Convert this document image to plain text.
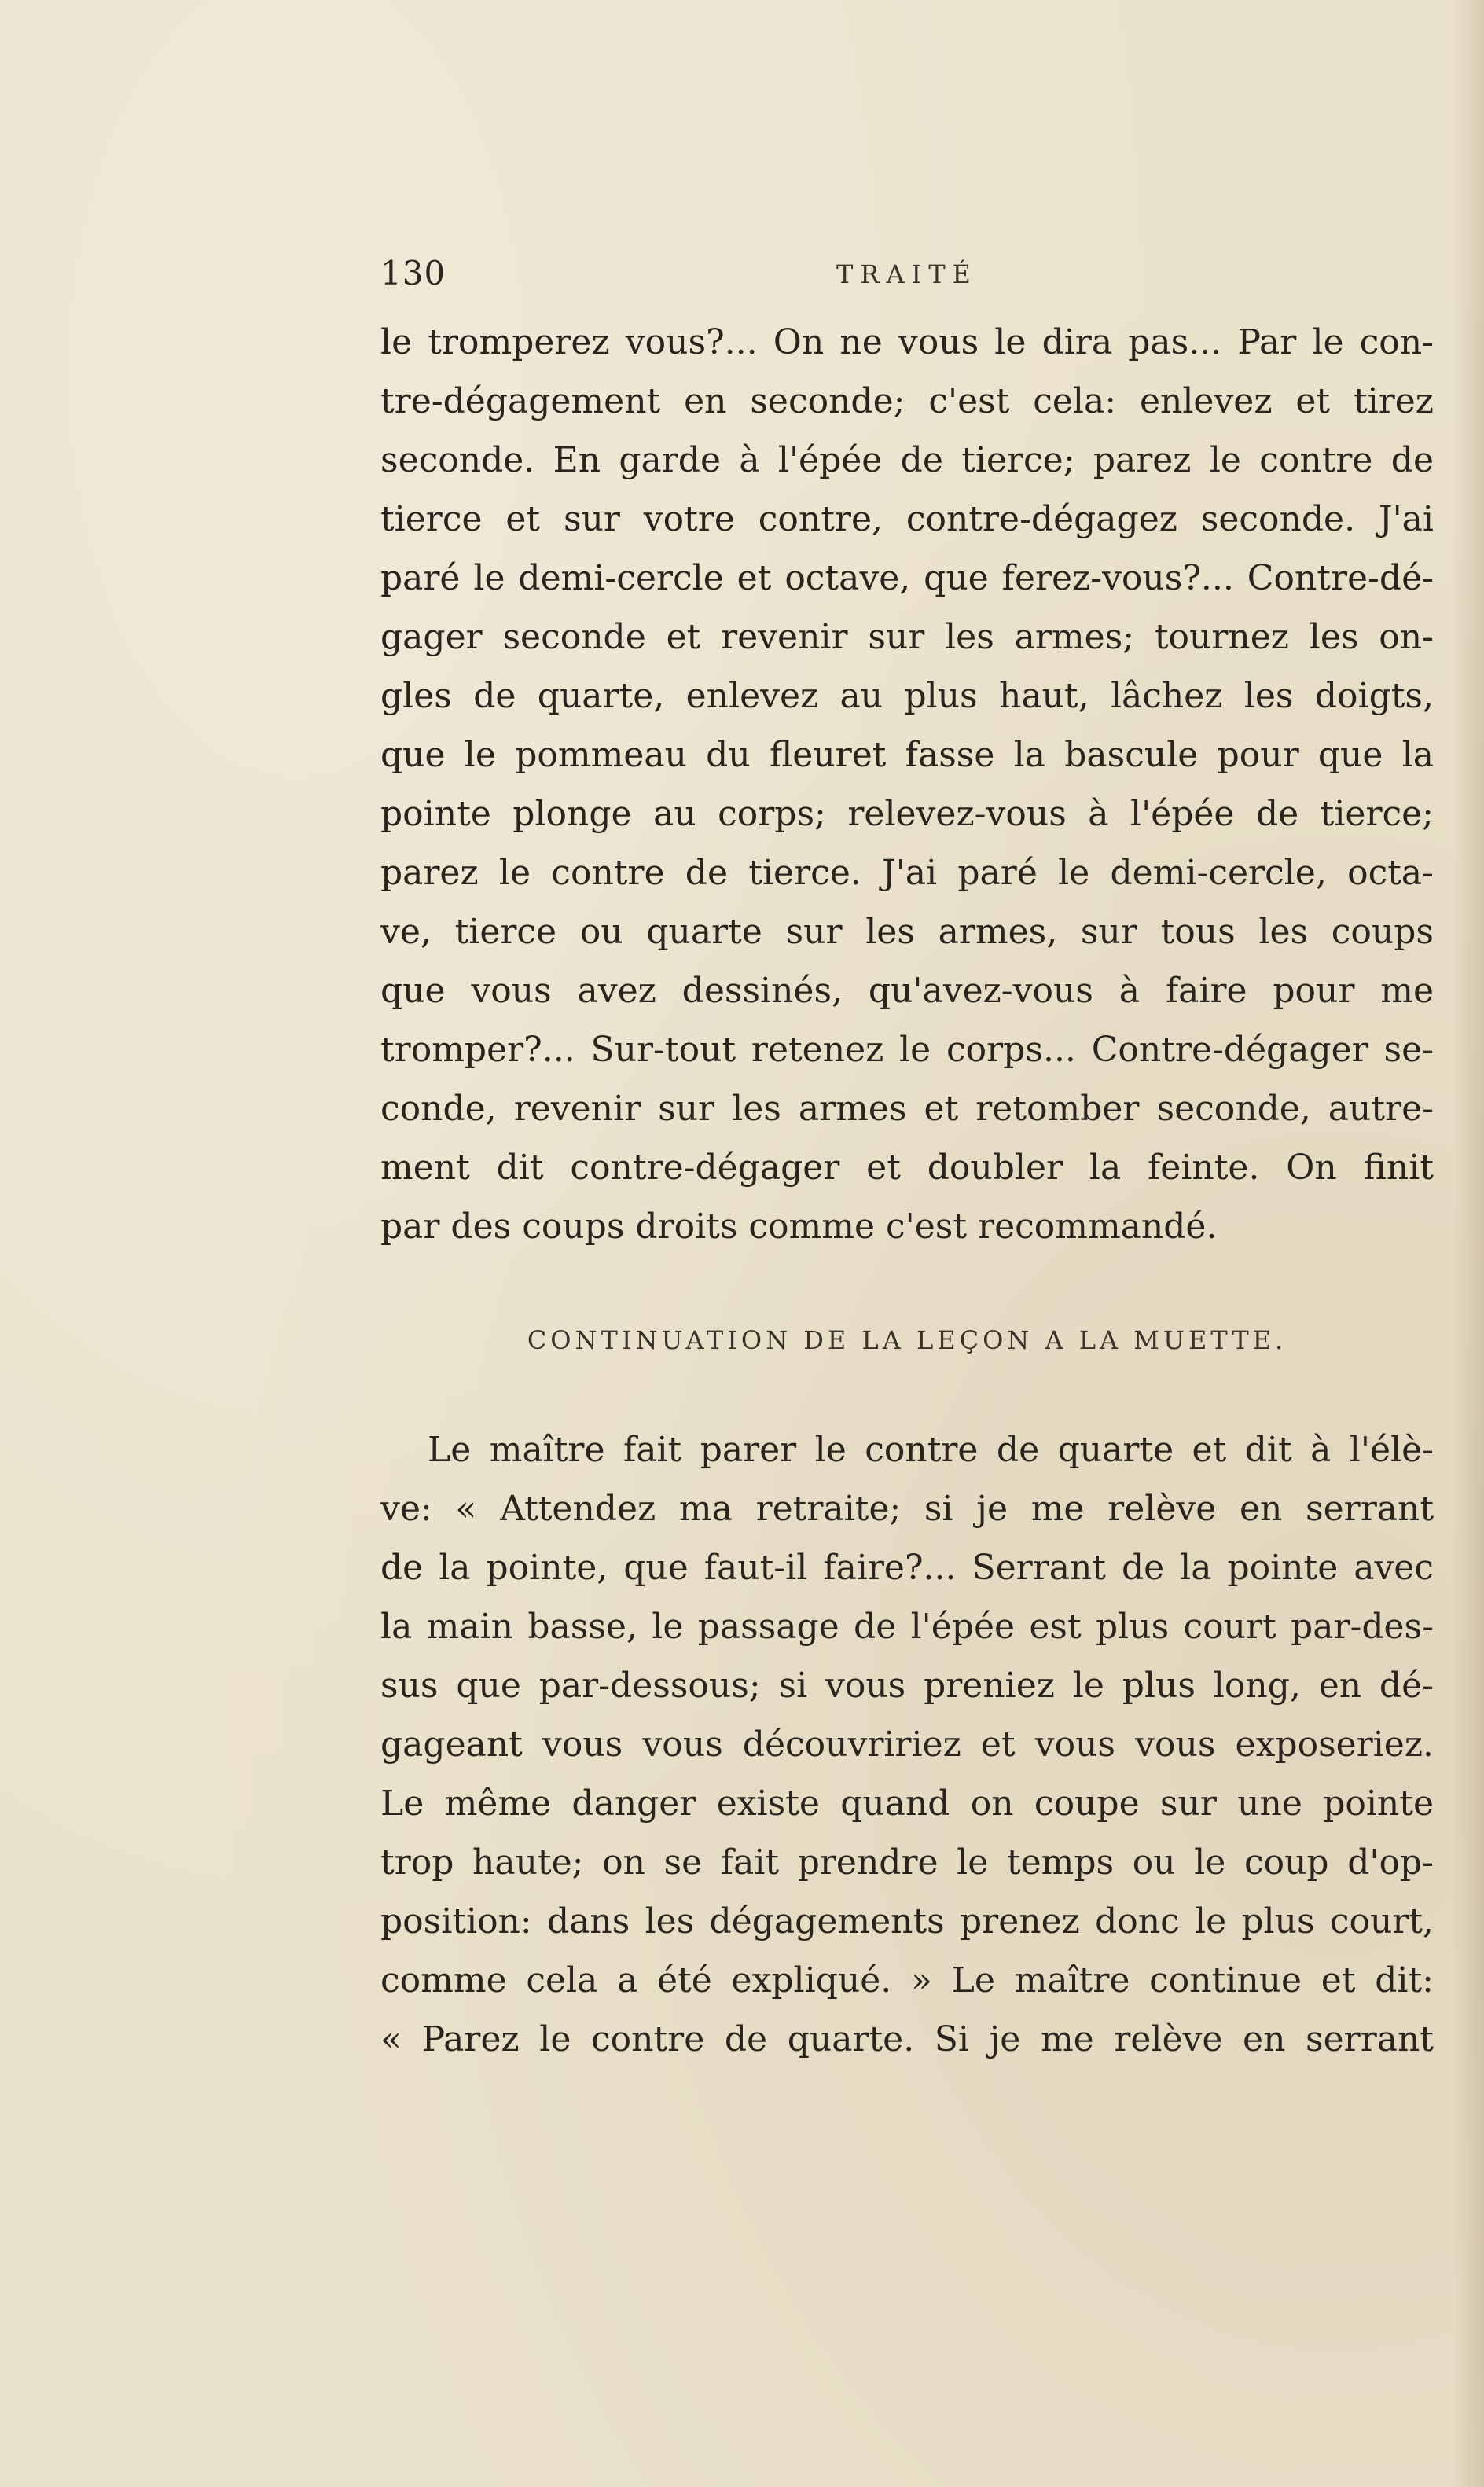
130	TRAITÉ
le tromperez vous?... On ne vous le dira pas... Par le con-
tre-dégagement en seconde; c'est cela: enlevez et tirez
seconde. En garde à l'épée de tierce; parez le contre de
tierce et sur votre contre, contre-dégagez seconde. J'ai
paré le demi-cercle et octave, que ferez-vous?... Contre-dé-
gager seconde et revenir sur les armes; tournez les on-
gles de quarte, enlevez au plus haut, lâchez les doigts,
que le pommeau du fleuret fasse la bascule pour que la
pointe plonge au corps; relevez-vous à l'épée de tierce;
parez le contre de tierce. J'ai paré le demi-cercle, octa-
ve, tierce ou quarte sur les armes, sur tous les coups
que vous avez dessinés, qu'avez-vous à faire pour me
tromper?... Sur-tout retenez le corps... Contre-dégager se-
conde, revenir sur les armes et retomber seconde, autre-
ment dit contre-dégager et doubler la feinte. On finit
par des coups droits comme c'est recommandé.
CONTINUATION DE LA LEÇON A LA MUETTE.
Le maître fait parer le contre de quarte et dit à l'élè-
ve: « Attendez ma retraite; si je me relève en serrant
de la pointe, que faut-il faire?... Serrant de la pointe avec
la main basse, le passage de l'épée est plus court par-des-
sus que par-dessous; si vous preniez le plus long, en dé-
gageant vous vous découvririez et vous vous exposeriez.
Le même danger existe quand on coupe sur une pointe
trop haute; on se fait prendre le temps ou le coup d'op-
position: dans les dégagements prenez donc le plus court,
comme cela a été expliqué. » Le maître continue et dit:
« Parez le contre de quarte. Si je me relève en serrant
